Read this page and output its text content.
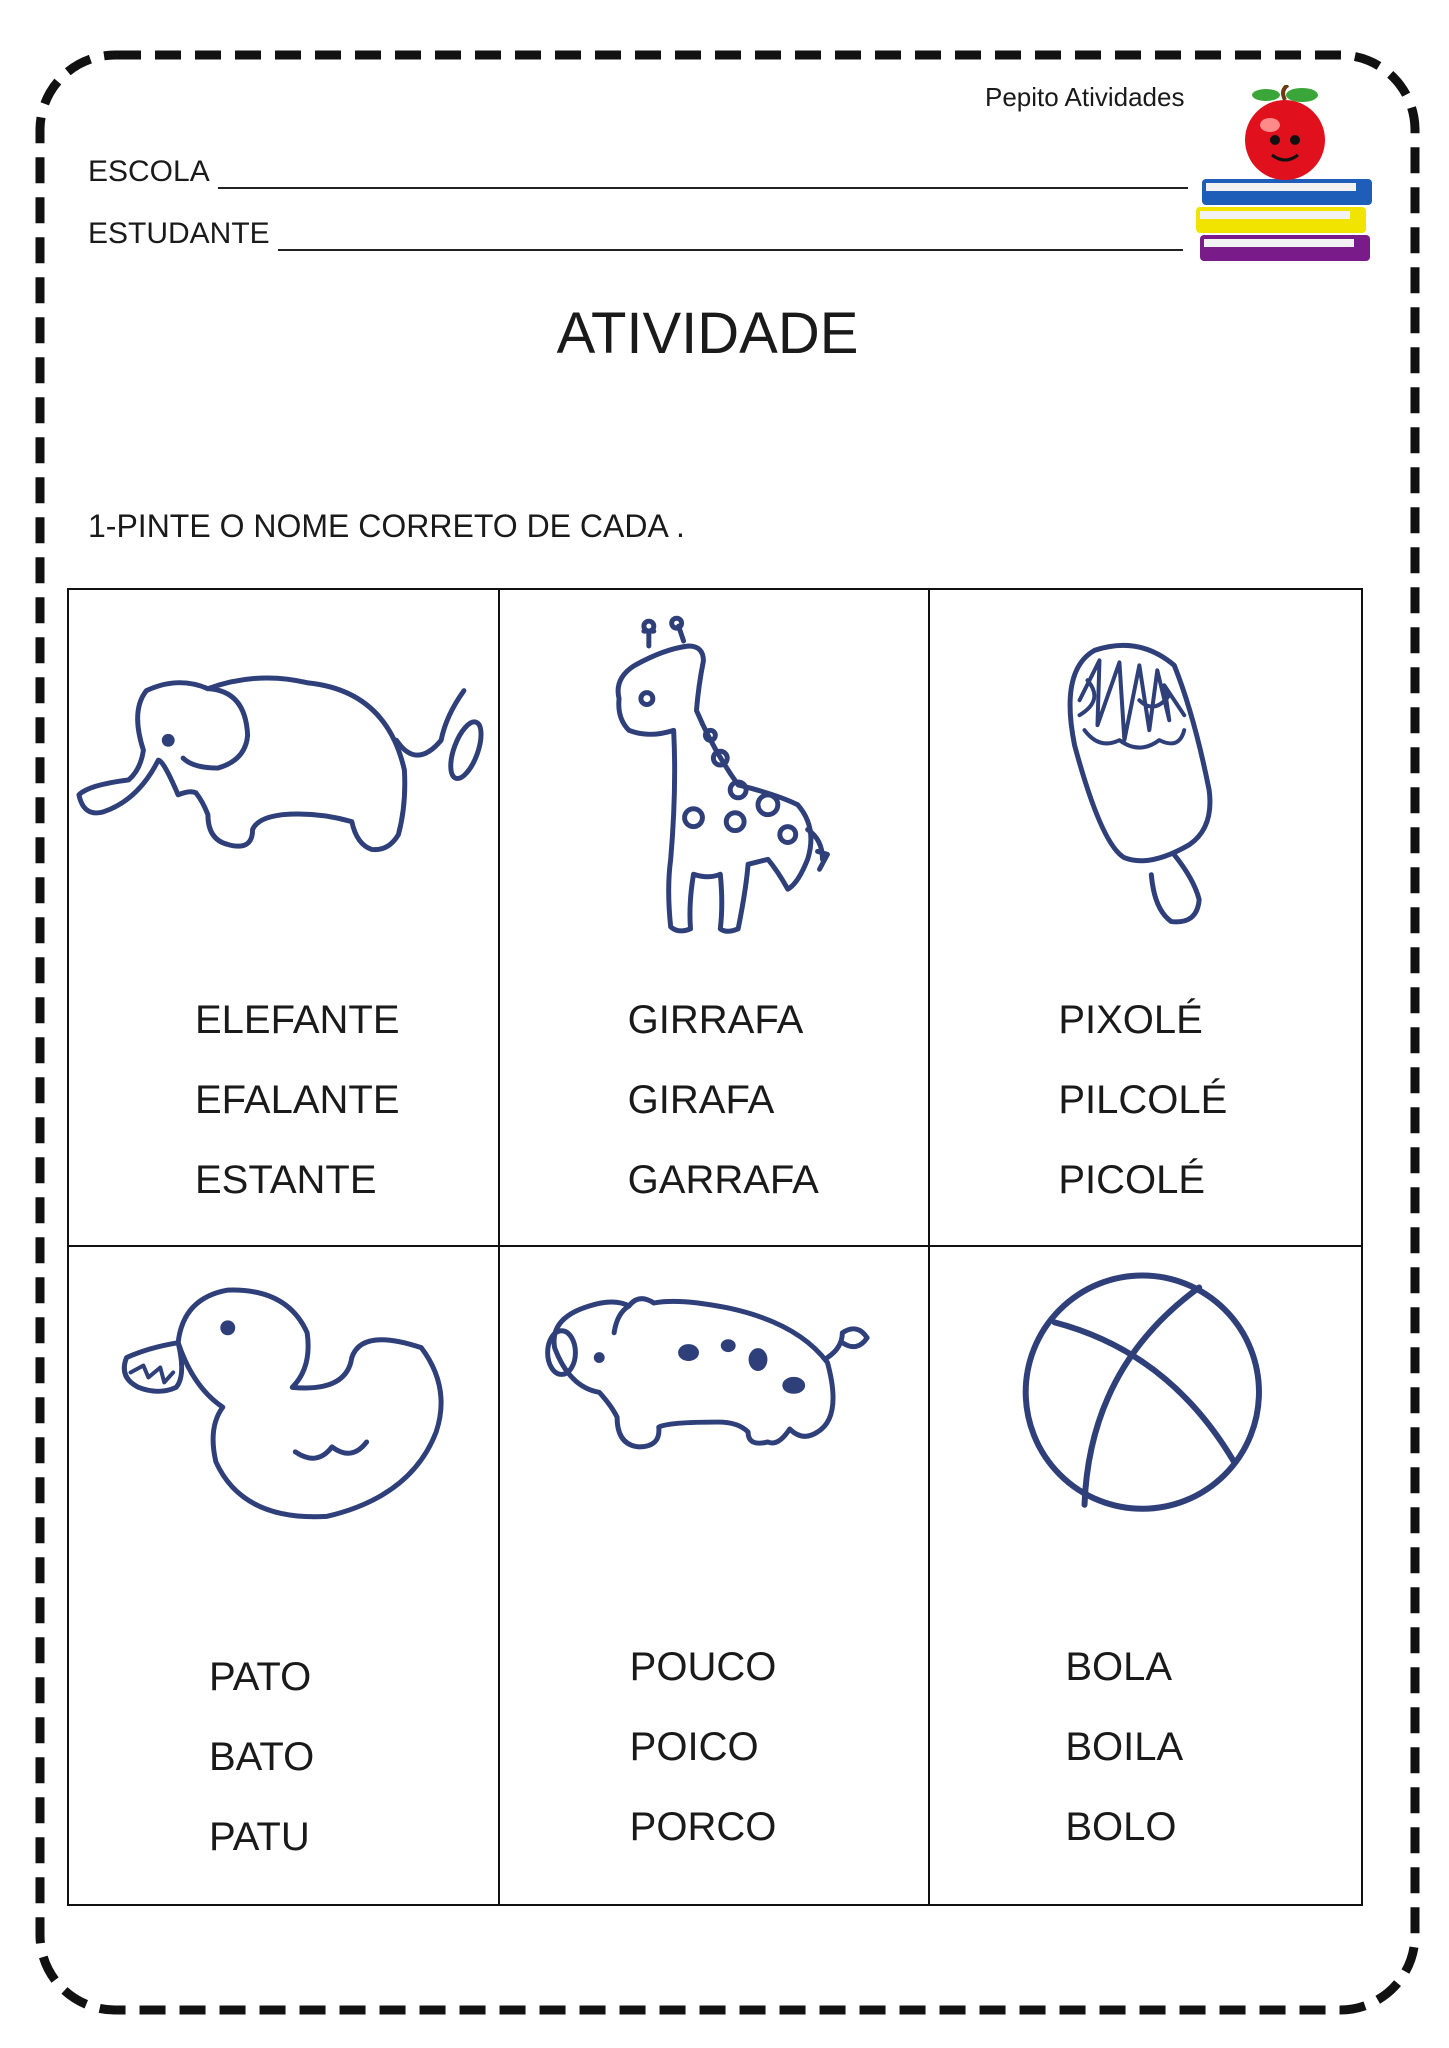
Pepito Atividades
ESCOLA
ESTUDANTE
ATIVIDADE
1-PINTE O NOME CORRETO DE CADA .
ELEFANTE
EFALANTE
ESTANTE
GIRRAFA
GIRAFA
GARRAFA
PIXOLÉ
PILCOLÉ
PICOLÉ
PATO
BATO
PATU
POUCO
POICO
PORCO
BOLA
BOILA
BOLO
